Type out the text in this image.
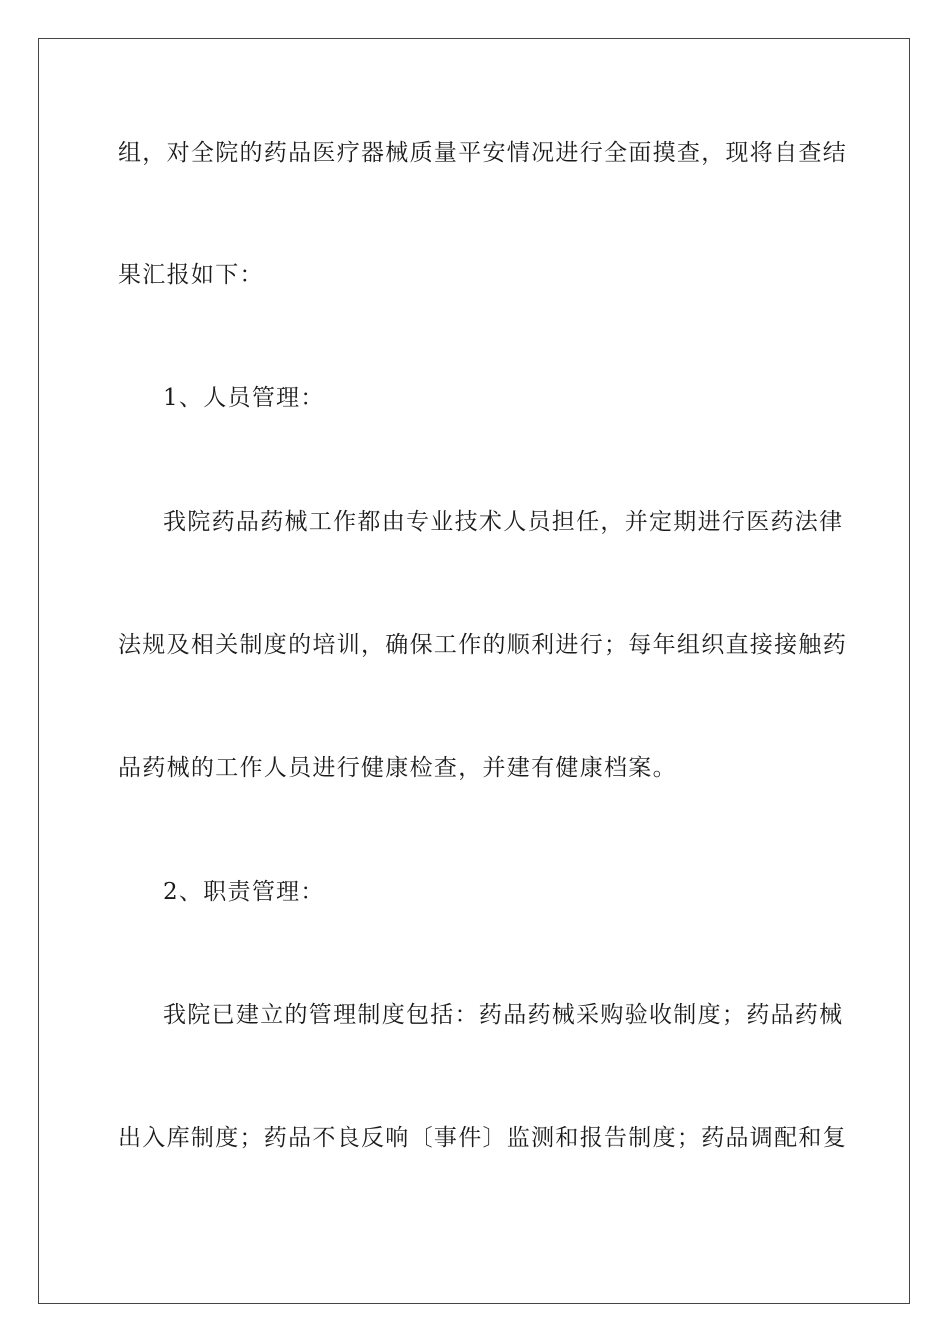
组，对全院的药品医疗器械质量平安情况进行全面摸查，现将自查结
果汇报如下：
1、人员管理：
我院药品药械工作都由专业技术人员担任，并定期进行医药法律
法规及相关制度的培训，确保工作的顺利进行；每年组织直接接触药
品药械的工作人员进行健康检查，并建有健康档案。
2、职责管理：
我院已建立的管理制度包括：药品药械采购验收制度；药品药械
出入库制度；药品不良反响〔事件〕监测和报告制度；药品调配和复
